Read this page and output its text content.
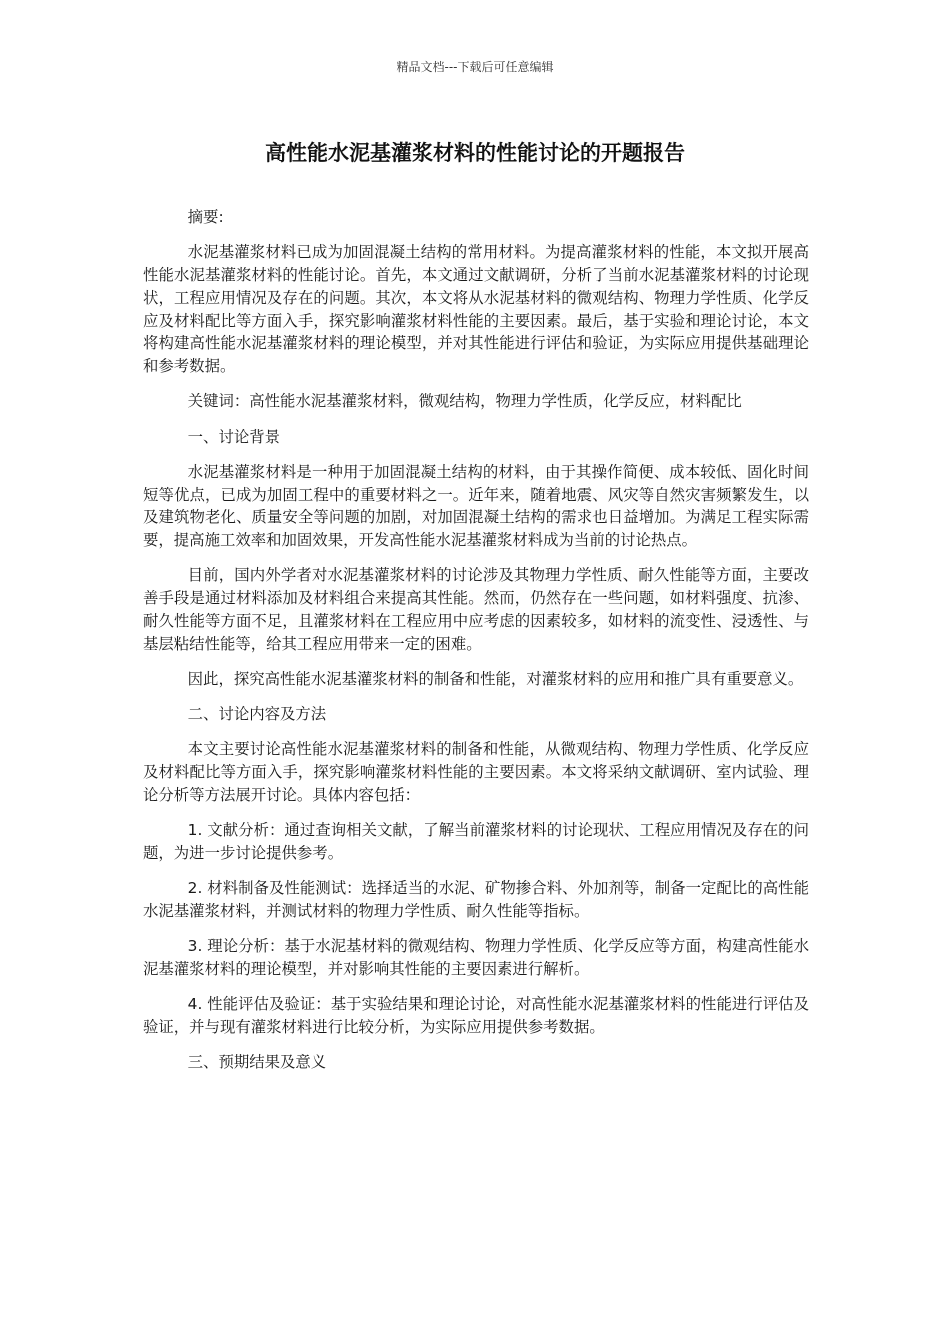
精品文档---下载后可任意编辑
高性能水泥基灌浆材料的性能讨论的开题报告

摘要:

水泥基灌浆材料已成为加固混凝土结构的常用材料。为提高灌浆材料的性能，本文拟开展高性能水泥基灌浆材料的性能讨论。首先，本文通过文献调研，分析了当前水泥基灌浆材料的讨论现状，工程应用情况及存在的问题。其次，本文将从水泥基材料的微观结构、物理力学性质、化学反应及材料配比等方面入手，探究影响灌浆材料性能的主要因素。最后，基于实验和理论讨论，本文将构建高性能水泥基灌浆材料的理论模型，并对其性能进行评估和验证，为实际应用提供基础理论和参考数据。

关键词：高性能水泥基灌浆材料，微观结构，物理力学性质，化学反应，材料配比

一、讨论背景

水泥基灌浆材料是一种用于加固混凝土结构的材料，由于其操作简便、成本较低、固化时间短等优点，已成为加固工程中的重要材料之一。近年来，随着地震、风灾等自然灾害频繁发生，以及建筑物老化、质量安全等问题的加剧，对加固混凝土结构的需求也日益增加。为满足工程实际需要，提高施工效率和加固效果，开发高性能水泥基灌浆材料成为当前的讨论热点。

目前，国内外学者对水泥基灌浆材料的讨论涉及其物理力学性质、耐久性能等方面，主要改善手段是通过材料添加及材料组合来提高其性能。然而，仍然存在一些问题，如材料强度、抗渗、耐久性能等方面不足，且灌浆材料在工程应用中应考虑的因素较多，如材料的流变性、浸透性、与基层粘结性能等，给其工程应用带来一定的困难。

因此，探究高性能水泥基灌浆材料的制备和性能，对灌浆材料的应用和推广具有重要意义。

二、讨论内容及方法

本文主要讨论高性能水泥基灌浆材料的制备和性能，从微观结构、物理力学性质、化学反应及材料配比等方面入手，探究影响灌浆材料性能的主要因素。本文将采纳文献调研、室内试验、理论分析等方法展开讨论。具体内容包括：

1. 文献分析：通过查询相关文献，了解当前灌浆材料的讨论现状、工程应用情况及存在的问题，为进一步讨论提供参考。

2. 材料制备及性能测试：选择适当的水泥、矿物掺合料、外加剂等，制备一定配比的高性能水泥基灌浆材料，并测试材料的物理力学性质、耐久性能等指标。

3. 理论分析：基于水泥基材料的微观结构、物理力学性质、化学反应等方面，构建高性能水泥基灌浆材料的理论模型，并对影响其性能的主要因素进行解析。

4. 性能评估及验证：基于实验结果和理论讨论，对高性能水泥基灌浆材料的性能进行评估及验证，并与现有灌浆材料进行比较分析，为实际应用提供参考数据。

三、预期结果及意义
